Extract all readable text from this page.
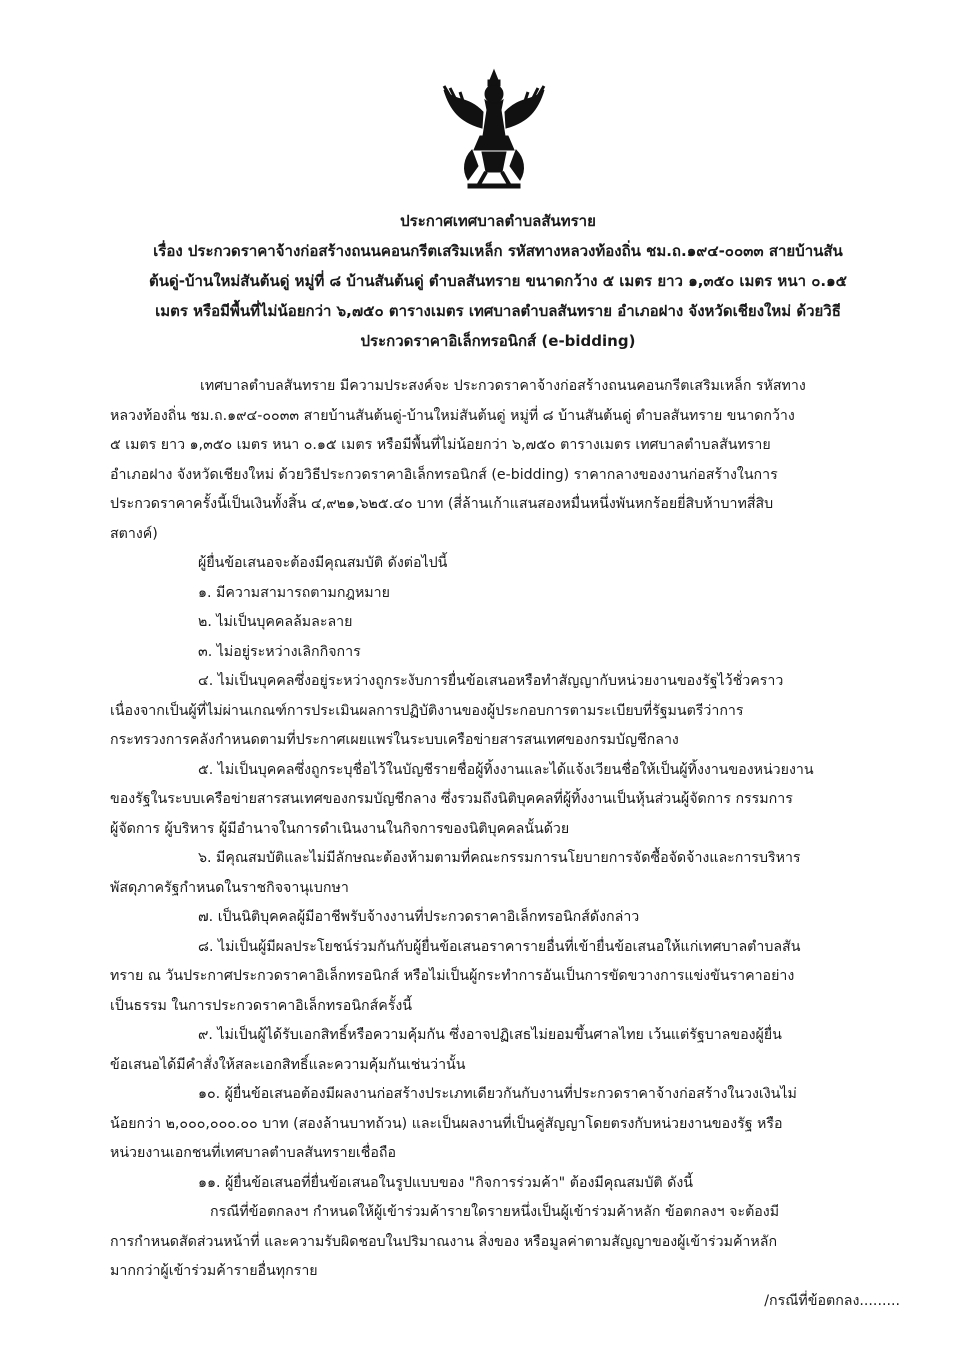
ประกาศเทศบาลตำบลสันทราย
เรื่อง ประกวดราคาจ้างก่อสร้างถนนคอนกรีตเสริมเหล็ก รหัสทางหลวงท้องถิ่น ชม.ถ.๑๙๔-๐๐๓๓ สายบ้านสัน
ต้นดู่-บ้านใหม่สันต้นดู่ หมู่ที่ ๘ บ้านสันต้นดู่ ตำบลสันทราย ขนาดกว้าง ๕ เมตร ยาว ๑,๓๕๐ เมตร หนา ๐.๑๕
เมตร หรือมีพื้นที่ไม่น้อยกว่า ๖,๗๕๐ ตารางเมตร เทศบาลตำบลสันทราย อำเภอฝาง จังหวัดเชียงใหม่ ด้วยวิธี
ประกวดราคาอิเล็กทรอนิกส์ (e-bidding)

เทศบาลตำบลสันทราย มีความประสงค์จะ ประกวดราคาจ้างก่อสร้างถนนคอนกรีตเสริมเหล็ก รหัสทาง

หลวงท้องถิ่น ชม.ถ.๑๙๔-๐๐๓๓ สายบ้านสันต้นดู่-บ้านใหม่สันต้นดู่ หมู่ที่ ๘ บ้านสันต้นดู่ ตำบลสันทราย ขนาดกว้าง

๕ เมตร ยาว ๑,๓๕๐ เมตร หนา ๐.๑๕ เมตร หรือมีพื้นที่ไม่น้อยกว่า ๖,๗๕๐ ตารางเมตร เทศบาลตำบลสันทราย

อำเภอฝาง จังหวัดเชียงใหม่ ด้วยวิธีประกวดราคาอิเล็กทรอนิกส์ (e-bidding) ราคากลางของงานก่อสร้างในการ

ประกวดราคาครั้งนี้เป็นเงินทั้งสิ้น ๔,๙๒๑,๖๒๕.๔๐ บาท (สี่ล้านเก้าแสนสองหมื่นหนึ่งพันหกร้อยยี่สิบห้าบาทสี่สิบ

สตางค์)

ผู้ยื่นข้อเสนอจะต้องมีคุณสมบัติ ดังต่อไปนี้

๑. มีความสามารถตามกฎหมาย

๒. ไม่เป็นบุคคลล้มละลาย

๓. ไม่อยู่ระหว่างเลิกกิจการ

๔. ไม่เป็นบุคคลซึ่งอยู่ระหว่างถูกระงับการยื่นข้อเสนอหรือทำสัญญากับหน่วยงานของรัฐไว้ชั่วคราว

เนื่องจากเป็นผู้ที่ไม่ผ่านเกณฑ์การประเมินผลการปฏิบัติงานของผู้ประกอบการตามระเบียบที่รัฐมนตรีว่าการ

กระทรวงการคลังกำหนดตามที่ประกาศเผยแพร่ในระบบเครือข่ายสารสนเทศของกรมบัญชีกลาง

๕. ไม่เป็นบุคคลซึ่งถูกระบุชื่อไว้ในบัญชีรายชื่อผู้ทิ้งงานและได้แจ้งเวียนชื่อให้เป็นผู้ทิ้งงานของหน่วยงาน

ของรัฐในระบบเครือข่ายสารสนเทศของกรมบัญชีกลาง ซึ่งรวมถึงนิติบุคคลที่ผู้ทิ้งงานเป็นหุ้นส่วนผู้จัดการ กรรมการ

ผู้จัดการ ผู้บริหาร ผู้มีอำนาจในการดำเนินงานในกิจการของนิติบุคคลนั้นด้วย

๖. มีคุณสมบัติและไม่มีลักษณะต้องห้ามตามที่คณะกรรมการนโยบายการจัดซื้อจัดจ้างและการบริหาร

พัสดุภาครัฐกำหนดในราชกิจจานุเบกษา

๗. เป็นนิติบุคคลผู้มีอาชีพรับจ้างงานที่ประกวดราคาอิเล็กทรอนิกส์ดังกล่าว

๘. ไม่เป็นผู้มีผลประโยชน์ร่วมกันกับผู้ยื่นข้อเสนอราคารายอื่นที่เข้ายื่นข้อเสนอให้แก่เทศบาลตำบลสัน

ทราย ณ วันประกาศประกวดราคาอิเล็กทรอนิกส์ หรือไม่เป็นผู้กระทำการอันเป็นการขัดขวางการแข่งขันราคาอย่าง

เป็นธรรม ในการประกวดราคาอิเล็กทรอนิกส์ครั้งนี้

๙. ไม่เป็นผู้ได้รับเอกสิทธิ์หรือความคุ้มกัน ซึ่งอาจปฏิเสธไม่ยอมขึ้นศาลไทย เว้นแต่รัฐบาลของผู้ยื่น

ข้อเสนอได้มีคำสั่งให้สละเอกสิทธิ์และความคุ้มกันเช่นว่านั้น

๑๐. ผู้ยื่นข้อเสนอต้องมีผลงานก่อสร้างประเภทเดียวกันกับงานที่ประกวดราคาจ้างก่อสร้างในวงเงินไม่

น้อยกว่า ๒,๐๐๐,๐๐๐.๐๐ บาท (สองล้านบาทถ้วน) และเป็นผลงานที่เป็นคู่สัญญาโดยตรงกับหน่วยงานของรัฐ หรือ

หน่วยงานเอกชนที่เทศบาลตำบลสันทรายเชื่อถือ

๑๑. ผู้ยื่นข้อเสนอที่ยื่นข้อเสนอในรูปแบบของ "กิจการร่วมค้า" ต้องมีคุณสมบัติ ดังนี้

กรณีที่ข้อตกลงฯ กำหนดให้ผู้เข้าร่วมค้ารายใดรายหนึ่งเป็นผู้เข้าร่วมค้าหลัก ข้อตกลงฯ จะต้องมี

การกำหนดสัดส่วนหน้าที่ และความรับผิดชอบในปริมาณงาน สิ่งของ หรือมูลค่าตามสัญญาของผู้เข้าร่วมค้าหลัก

มากกว่าผู้เข้าร่วมค้ารายอื่นทุกราย

/กรณีที่ข้อตกลง.........
